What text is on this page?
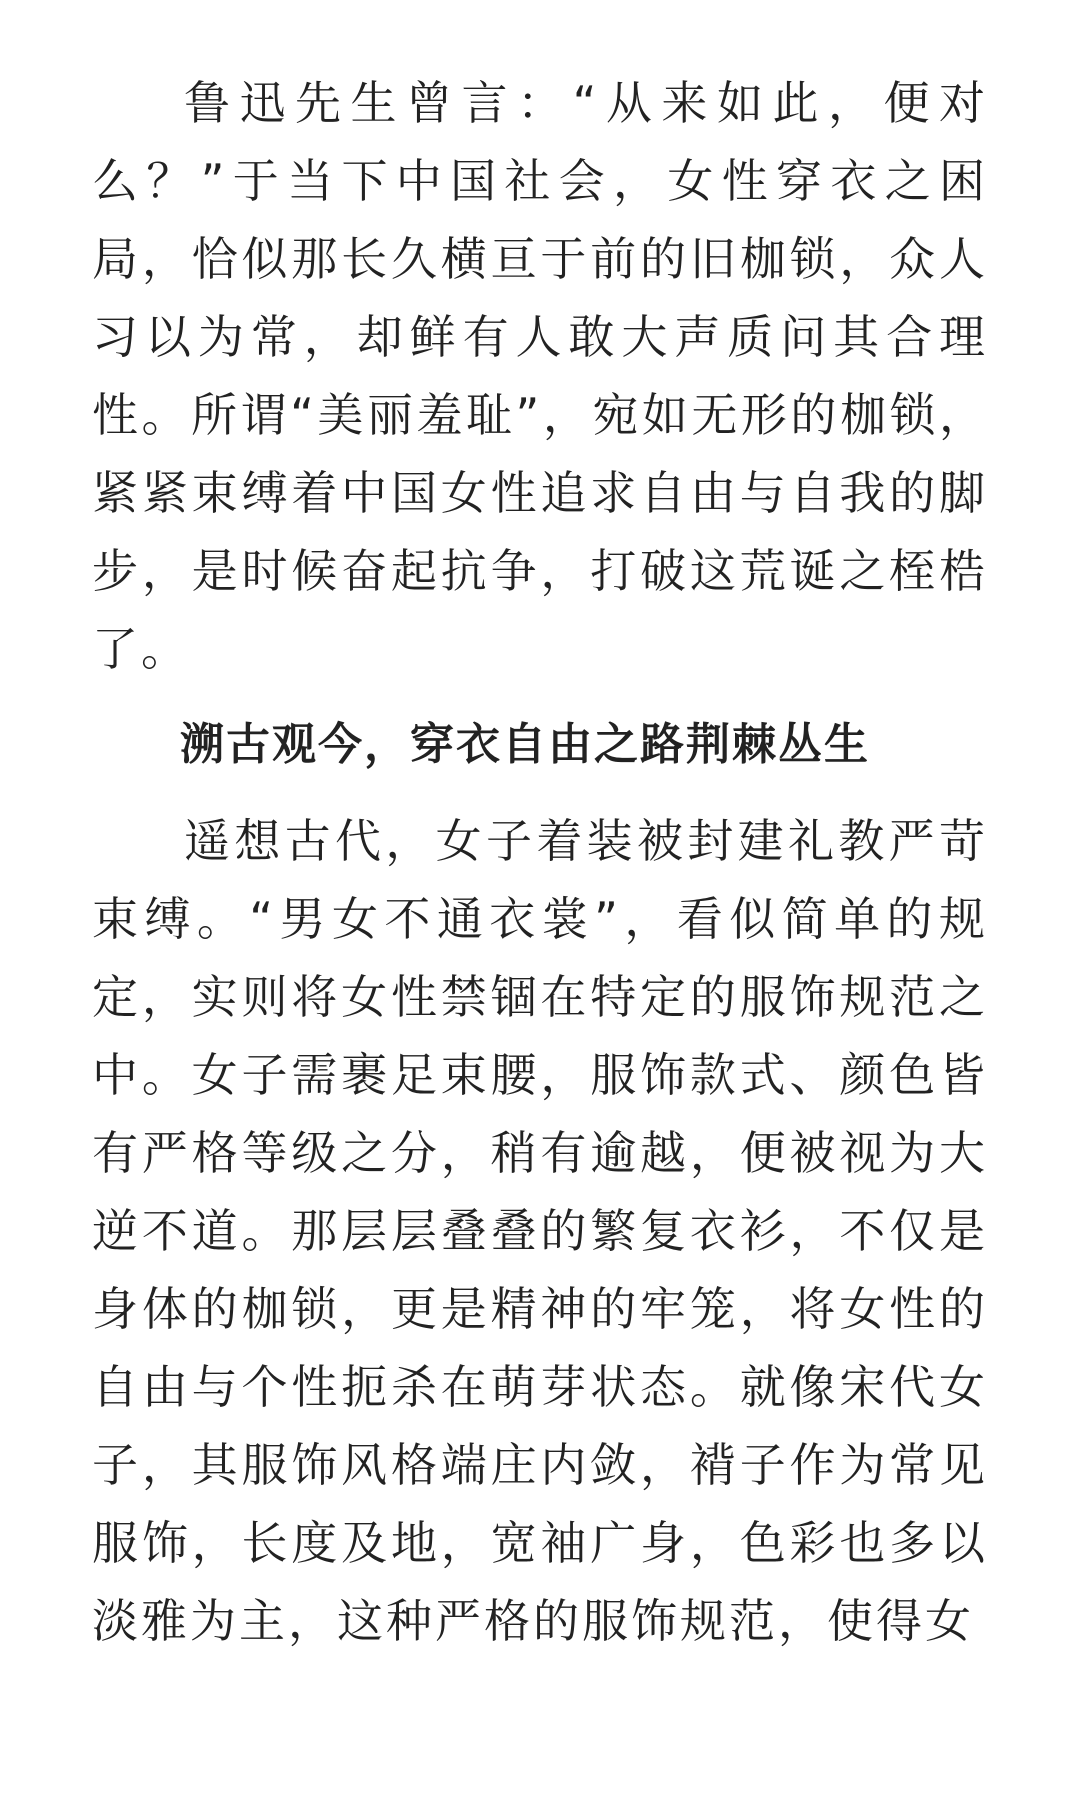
鲁迅先生曾言：“从来如此，便对么？”于当下中国社会，女性穿衣之困局，恰似那长久横亘于前的旧枷锁，众人习以为常，却鲜有人敢大声质问其合理性。所谓“美丽羞耻”，宛如无形的枷锁，紧紧束缚着中国女性追求自由与自我的脚步，是时候奋起抗争，打破这荒诞之桎梏了。

溯古观今，穿衣自由之路荆棘丛生

遥想古代，女子着装被封建礼教严苛束缚。“男女不通衣裳”，看似简单的规定，实则将女性禁锢在特定的服饰规范之中。女子需裹足束腰，服饰款式、颜色皆有严格等级之分，稍有逾越，便被视为大逆不道。那层层叠叠的繁复衣衫，不仅是身体的枷锁，更是精神的牢笼，将女性的自由与个性扼杀在萌芽状态。就像宋代女子，其服饰风格端庄内敛，褙子作为常见服饰，长度及地，宽袖广身，色彩也多以淡雅为主，这种严格的服饰规范，使得女
